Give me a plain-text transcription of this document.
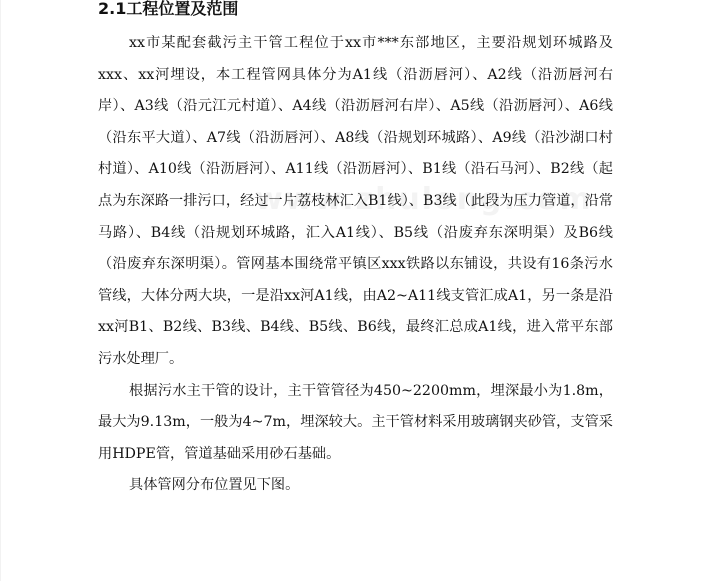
2.1工程位置及范围

xx市某配套截污主干管工程位于xx市***东部地区，主要沿规划环城路及xxx、xx河埋设，本工程管网具体分为A1线（沿沥唇河）、A2线（沿沥唇河右岸）、A3线（沿元江元村道）、A4线（沿沥唇河右岸）、A5线（沿沥唇河）、A6线（沿东平大道）、A7线（沿沥唇河）、A8线（沿规划环城路）、A9线（沿沙湖口村村道）、A10线（沿沥唇河）、A11线（沿沥唇河）、B1线（沿石马河）、B2线（起点为东深路一排污口，经过一片荔枝林汇入B1线）、B3线（此段为压力管道，沿常马路）、B4线（沿规划环城路，汇入A1线）、B5线（沿废弃东深明渠）及B6线（沿废弃东深明渠）。管网基本围绕常平镇区xxx铁路以东铺设，共设有16条污水管线，大体分两大块，一是沿xx河A1线，由A2~A11线支管汇成A1，另一条是沿xx河B1、B2线、B3线、B4线、B5线、B6线，最终汇总成A1线，进入常平东部污水处理厂。

根据污水主干管的设计，主干管管径为450~2200mm，埋深最小为1.8m，最大为9.13m，一般为4~7m，埋深较大。主干管材料采用玻璃钢夹砂管，支管采用HDPE管，管道基础采用砂石基础。

具体管网分布位置见下图。
